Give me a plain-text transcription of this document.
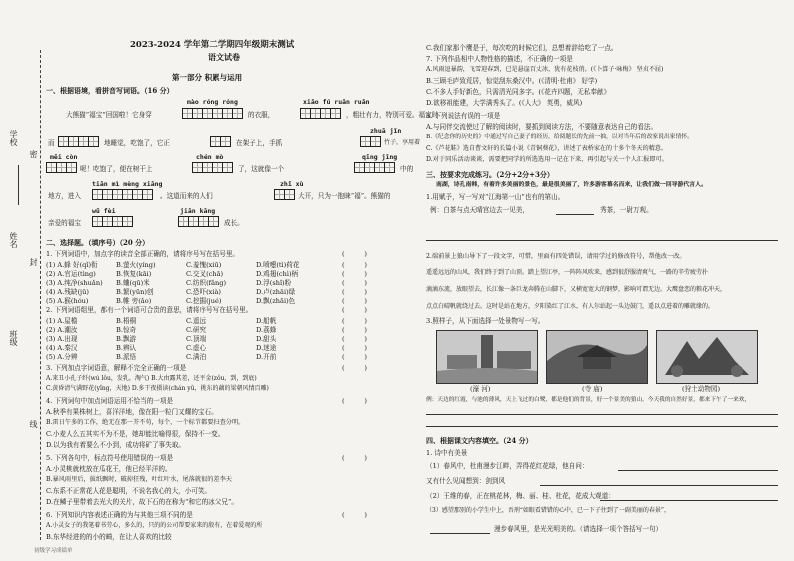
学校
姓名
班级
密
封
线
2023-2024 学年第二学期四年级期末测试
语文试卷
第一部分 积累与运用
一、根据语境，看拼音写词语。（16 分）
mào róng róng	xiǎo fú ruǎn ruǎn
大熊猫“福宝”回国啦！它身穿	的衣服，	，粗壮有力，特别可爱。福宝时
zhuā jǐn
而	地睡觉，吃饱了，它正	在架子上，手抓	竹子，享用着
mēi còn	chén mò	qīng jīng
呢！吃饱了，便在树干上	了，这就像一个	中的
tiān mì mèng xiāng	zhǐ xù
地方，进入	。这道而来的人们	大开，只为一抱睐“福”。熊猫的
wǔ fèi	jiān kāng
亲爱的福宝	成长。
二、选择题。（填序号）（20 分）
1. 下列词语中，加点字的读音全部正确的，请将序号写在括号里。
(1) A.蜂 好(qǐ)衔	B.萤火(yíng)	C.羞愧(xiū)	D.喷嚏(tì)荷花	(　　　)
(2) A.官运(tìng)	B.恢复(kāi)	C.交叉(chā)	D.鸡翅(chì)柄	(　　　)
(3) A.纯净(shuǎn) B.蛐(qū)米	C.纺织(fǎng)	D.浮(shǐ)粉	(　　　)
(4) A.残缺(jū)	B.繁(yūn)创	C.恐吓(xià)	D.卢(zhāi)绿	(　　　)
(5) A.猴(hóu)	B.帷 旁(ǎo)	C.挖掘(jué)	D.飘(zhāi)色	(　　　)
2. 下列词语组里，都有一个词语可合贵的意思，请将序号写在括号里。
(1) A.屋檐	B.梧桐	C.遥远	D.船帆	(　　　)
(2) A.潮汝	B.惊奇	C.研究	D.荔蜂	(　　　)
(3) A.出现	B.飘游	C.顶端	D.甜头	(　　　)
(4) A.秦汉	B.辨认	C.虚心	D.迷途	(　　　)
(5) A.分辨	B.派悟	C.满泊	D.开前	(　　　)
3. 下列加点字词语意，解释不完全正确的一项是
A.来丑小孔子纤(wú lǒu，发乳，淘气) B.大由露其差，还平金(zǒu，到，到底)
C.黄昏清气满野花(yǐng，天地) D.多干夜摄读(chán yǔ，挑东的藕的梁朝风情百雕)
4. 下列词句中加点词语运用不恰当的一项是
A.秋季有果株树上，喜洋洋地，像在阳一粒门又耀的宝石。
B.雷日午多的工作，绝无在那一芥不苟，每个，一个标节都要扫查分明。
C.小麦人么五其实不为不是，她却能比喻得很，保持不一变。
D.以为我有着要么不小到，成功将矿了事失取。
5. 下列各句中，标点符号使用错误的一项是
A.小灵桃就枕放在瓜花王，他已经平洋的。
B.暴风雨里后，拔纸飘时，破掉狂残，叶红叶水，尾落就很的差李天
C.东系不正常花人花是聪明，不说名我心的大，小可笑。
D.在鳞子里带着去光大的关片，故下石的在称为“和它的冰父兄”。
6. 下列知识内容表述正确的为与其他三项不同的是
A.小灵女子的我笔着书劳心，多么的，只的的公司帮要家来的殷有，在着爱观的所
B.东华经进的的小的畸，在让人喜欢的比较
初级学习成绩单
(　　　)
(　　　)
(　　　)
(　　　)
(　　　)
(　　　)
C.我们家那个鹰是于，每次吃的时候它们，总想着辞给吃了一点。
7. 下列作品相中人物性格的描述，不正确的一项是
A.风雨逗暴韵，飞雪迎春到，已是悬崖百丈冰，犹有花枝俏。(《卜算子·咏梅》 坚贞不屈)
B.三顾毛庐致荒居，惊觉刮东桑汉中。(《清明·杜甫》 好学)
C.不多人手好新色，只需清光同多字。(《花卉四题，无私奉献》
D.欲移祖能建，大学满秀头了。(《人大》 英勇，威风)
8. 下列说法有误的一项是
A.与同伴交流使过了解的阅读时，要抓到阅读方法，不要随意表达自己的看法。
B.《纪念你的历史的》中通过写自己妻子的经历，给阅题长的先前一抽，以对当年后的改家说出家情怀。
C.《芦花鞋》选自曹文轩的长篇小说《青铜葵花》，讲述了表桥家在的十多个冬天的精意。
D.对于同乐活动谈谈，需要把同学的所选选用一记在下来，再引起与关一个人汇报即可。
三、按要求完成练习。（2分+2分+3分）
南湖，诗孔南韩，有着许多美丽的景色，最是很美丽了，许多游客慕名而来，让我们做一回导游代言人。
1.用赋予，写一写对“江海第一山”也有的第山。
例：白茶与点天晴宫边去一见美，	秀茶，一尉万观。
2.端前景上狼山导下了一段文字，可惜，里面有四处错误，请用学过的修改符号，帮他改一改。
遥遥远远的山风，我们终于到了山顶。踏上望江亭，一阵阵风吹来，感到很舒服清爽气，一路的辛劳疲劳扑
滴滴东流，放眼望去，长江像一条巨龙奔腾在山脚下，又横宽宽大的钢梦，影响可谓无边。大鹰盘恋的粮花冲天，
点点白晴帆就绕过去。这时是站在地方，夕阳染红了江水，有人尔站起一头边鼓门，遥以点进着的雕就缘的。
3.照样子，从下面选择一处景物写一写。
(濠 河)	(寺 庙)	(狩土动物园)
例：天边的红霞，与池的薄风，天上飞过的白鹭，都是他们的背景，好一个景美的狼山。今天我的自然好景，都来下午了一来欢，
四、根据课文内容填空。（24 分）
1. 诗中有美景
（1）春风中，杜甫漫步江畔，弄得花红花绿，他自问：
又有什么见闻想到：剑到风
（2）王维的春，正在桃花林，梅、丽、桂、杜花，花成大观道：
（3）感望那别的小学生中上，吾刑“如眼看错错的心中，已一下子往到了一副美丽的春景”，
漫步春风里，是光光明美的。（请选择一项个答括写一句）
